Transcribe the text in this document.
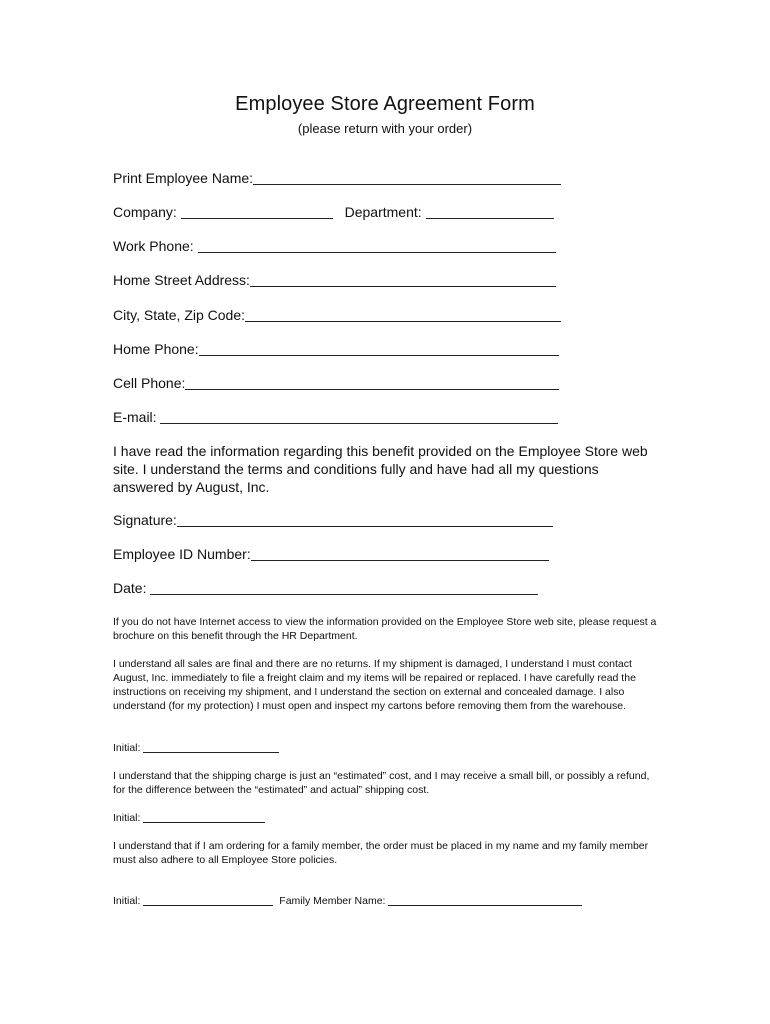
Employee Store Agreement Form
(please return with your order)
Print Employee Name:
Company:	Department:
Work Phone:
Home Street Address:
City, State, Zip Code:
Home Phone:
Cell Phone:
E-mail:
I have read the information regarding this benefit provided on the Employee Store web site. I understand the terms and conditions fully and have had all my questions answered by August, Inc.
Signature:
Employee ID Number:
Date:
If you do not have Internet access to view the information provided on the Employee Store web site, please request a brochure on this benefit through the HR Department.
I understand all sales are final and there are no returns. If my shipment is damaged, I understand I must contact August, Inc. immediately to file a freight claim and my items will be repaired or replaced. I have carefully read the instructions on receiving my shipment, and I understand the section on external and concealed damage. I also understand (for my protection) I must open and inspect my cartons before removing them from the warehouse.
Initial:
I understand that the shipping charge is just an “estimated” cost, and I may receive a small bill, or possibly a refund, for the difference between the “estimated” and actual” shipping cost.
Initial:
I understand that if I am ordering for a family member, the order must be placed in my name and my family member must also adhere to all Employee Store policies.
Initial:	Family Member Name:
